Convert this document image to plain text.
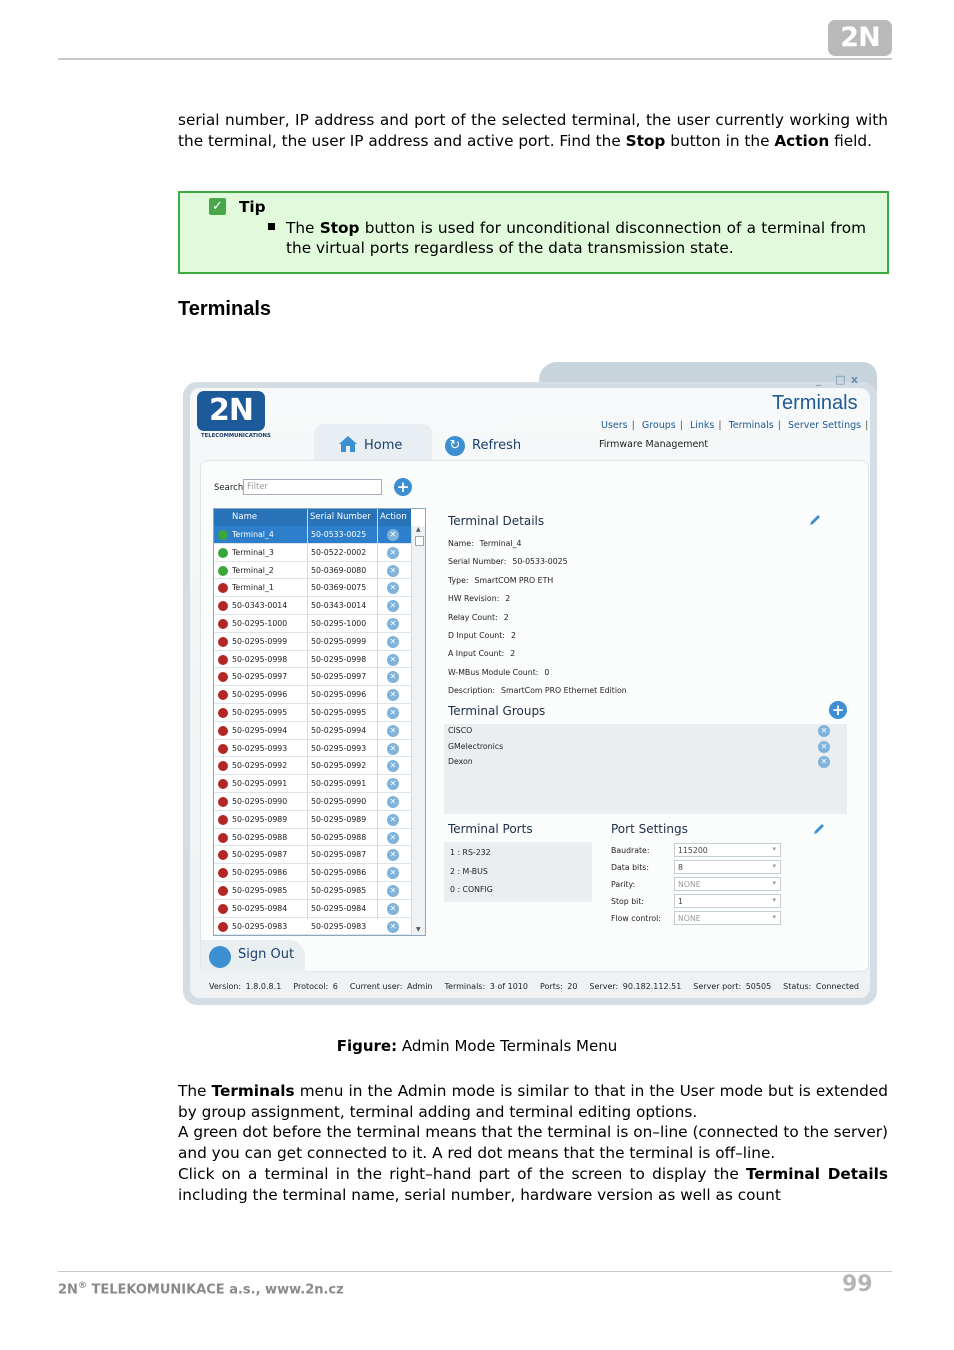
2N
serial number, IP address and port of the selected terminal, the user currently working with the terminal, the user IP address and active port. Find the Stop button in the Action field.
✓ Tip
The Stop button is used for unconditional disconnection of a terminal from the virtual ports regardless of the data transmission state.
Terminals
_ □ x
2N
TELECOMMUNICATIONS
Terminals
Users | Groups | Links | Terminals | Server Settings |
Firmware Management
Home	↻ Refresh
Search Filter	+
Name	Serial Number Action
Terminal_4	50-0533-0025	✕
Terminal_3	50-0522-0002	✕
Terminal_2	50-0369-0080	✕
Terminal_1	50-0369-0075	✕
50-0343-0014	50-0343-0014	✕
50-0295-1000	50-0295-1000	✕
50-0295-0999	50-0295-0999	✕
50-0295-0998	50-0295-0998	✕
50-0295-0997	50-0295-0997	✕
50-0295-0996	50-0295-0996	✕
50-0295-0995	50-0295-0995	✕
50-0295-0994	50-0295-0994	✕
50-0295-0993	50-0295-0993	✕
50-0295-0992	50-0295-0992	✕
50-0295-0991	50-0295-0991	✕
50-0295-0990	50-0295-0990	✕
50-0295-0989	50-0295-0989	✕
50-0295-0988	50-0295-0988	✕
50-0295-0987	50-0295-0987	✕
50-0295-0986	50-0295-0986	✕
50-0295-0985	50-0295-0985	✕
50-0295-0984	50-0295-0984	✕
50-0295-0983	50-0295-0983	✕
▲
▼
Terminal Details
Name: Terminal_4
Serial Number: 50-0533-0025
Type: SmartCOM PRO ETH
HW Revision: 2
Relay Count: 2
D Input Count: 2
A Input Count: 2
W-MBus Module Count: 0
Description: SmartCom PRO Ethernet Edition
Terminal Groups	+
CISCO	✕
GMelectronics	✕
Dexon	✕
Terminal Ports
1 : RS-232
2 : M-BUS
0 : CONFIG
Port Settings
Baudrate:	115200 ▾
Data bits:	8 ▾
Parity:	NONE ▾
Stop bit:	1 ▾
Flow control:	NONE ▾
Sign Out
Version: 1.8.0.8.1 Protocol: 6 Current user: Admin Terminals: 3 of 1010 Ports: 20 Server: 90.182.112.51 Server port: 50505 Status: Connected
Figure: Admin Mode Terminals Menu
The Terminals menu in the Admin mode is similar to that in the User mode but is extended by group assignment, terminal adding and terminal editing options.
A green dot before the terminal means that the terminal is on–line (connected to the server) and you can get connected to it. A red dot means that the terminal is off–line.
Click on a terminal in the right–hand part of the screen to display the Terminal Details including the terminal name, serial number, hardware version as well as count
2N® TELEKOMUNIKACE a.s., www.2n.cz	99
